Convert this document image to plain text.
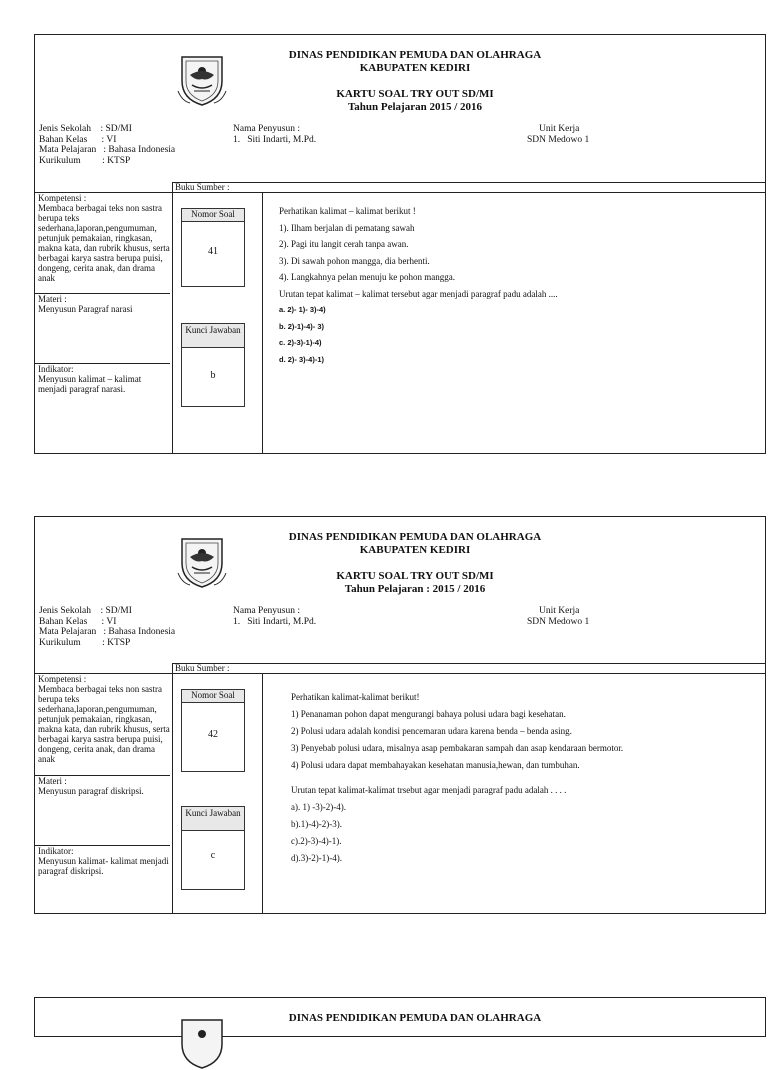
DINAS PENDIDIKAN PEMUDA DAN OLAHRAGA
KABUPATEN KEDIRI
KARTU SOAL TRY OUT SD/MI
Tahun Pelajaran 2015 / 2016
Jenis Sekolah    : SD/MI
Bahan Kelas      : VI
Mata Pelajaran   : Bahasa Indonesia
Kurikulum         : KTSP
Nama Penyusun :
1.   Siti Indarti, M.Pd.
Unit Kerja
SDN Medowo 1
Buku Sumber :
Kompetensi :
Membaca berbagai teks non sastra berupa teks sederhana,laporan,pengumuman, petunjuk pemakaian, ringkasan, makna kata, dan rubrik khusus, serta berbagai karya sastra berupa puisi, dongeng, cerita anak, dan drama anak
Materi :
Menyusun Paragraf narasi
Indikator:
Menyusun kalimat – kalimat menjadi paragraf narasi.
Nomor Soal
41
Kunci Jawaban
b
Perhatikan kalimat – kalimat berikut !
1). Ilham berjalan di pematang sawah
2). Pagi itu langit cerah tanpa awan.
3). Di sawah pohon mangga, dia berhenti.
4). Langkahnya pelan menuju ke pohon mangga.
Urutan tepat kalimat – kalimat tersebut agar menjadi paragraf padu adalah ....
a. 2)- 1)- 3)-4)
b. 2)-1)-4)- 3)
c. 2)-3)-1)-4)
d. 2)- 3)-4)-1)
DINAS PENDIDIKAN PEMUDA DAN OLAHRAGA
KABUPATEN KEDIRI
KARTU SOAL TRY OUT SD/MI
Tahun Pelajaran : 2015 / 2016
Jenis Sekolah    : SD/MI
Bahan Kelas      : VI
Mata Pelajaran   : Bahasa Indonesia
Kurikulum         : KTSP
Nama Penyusun :
1.   Siti Indarti, M.Pd.
Unit Kerja
SDN Medowo 1
Buku Sumber :
Kompetensi :
Membaca berbagai teks non sastra berupa teks sederhana,laporan,pengumuman, petunjuk pemakaian, ringkasan, makna kata, dan rubrik khusus, serta berbagai karya sastra berupa puisi, dongeng, cerita anak, dan drama anak
Materi :
Menyusun paragraf diskripsi.
Indikator:
Menyusun kalimat- kalimat menjadi paragraf diskripsi.
Nomor Soal
42
Kunci Jawaban
c
Perhatikan kalimat-kalimat berikut!
1) Penanaman pohon dapat mengurangi bahaya polusi udara bagi kesehatan.
2) Polusi udara adalah kondisi pencemaran udara karena benda – benda asing.
3) Penyebab polusi udara, misalnya asap pembakaran sampah dan asap kendaraan bermotor.
4) Polusi udara dapat membahayakan kesehatan manusia,hewan, dan tumbuhan.
Urutan tepat kalimat-kalimat trsebut agar menjadi paragraf padu adalah . . . .
a). 1) -3)-2)-4).
b).1)-4)-2)-3).
c).2)-3)-4)-1).
d).3)-2)-1)-4).
DINAS PENDIDIKAN PEMUDA DAN OLAHRAGA
